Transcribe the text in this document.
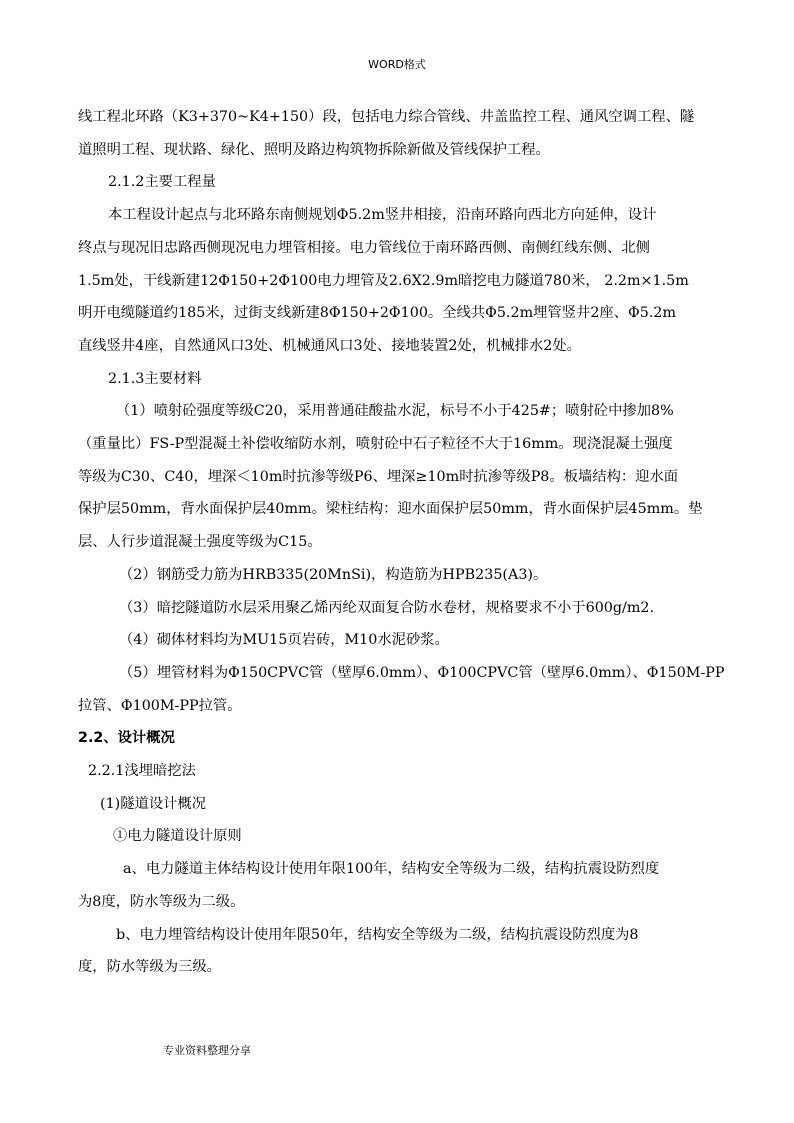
WORD格式

线工程北环路（K3+370~K4+150）段，包括电力综合管线、井盖监控工程、通风空调工程、隧

道照明工程、现状路、绿化、照明及路边构筑物拆除新做及管线保护工程。

2.1.2主要工程量

本工程设计起点与北环路东南侧规划Φ5.2m竖井相接，沿南环路向西北方向延伸，设计

终点与现况旧忠路西侧现况电力埋管相接。电力管线位于南环路西侧、南侧红线东侧、北侧

1.5m处，干线新建12Φ150+2Φ100电力埋管及2.6X2.9m暗挖电力隧道780米， 2.2m×1.5m

明开电缆隧道约185米，过街支线新建8Φ150+2Φ100。全线共Φ5.2m埋管竖井2座、Φ5.2m

直线竖井4座，自然通风口3处、机械通风口3处、接地装置2处，机械排水2处。

2.1.3主要材料

（1）喷射砼强度等级C20，采用普通硅酸盐水泥，标号不小于425#；喷射砼中掺加8%

（重量比）FS-P型混凝土补偿收缩防水剂，喷射砼中石子粒径不大于16mm。现浇混凝土强度

等级为C30、C40，埋深＜10m时抗渗等级P6、埋深≥10m时抗渗等级P8。板墙结构：迎水面

保护层50mm，背水面保护层40mm。梁柱结构：迎水面保护层50mm，背水面保护层45mm。垫

层、人行步道混凝土强度等级为C15。

（2）钢筋受力筋为HRB335(20MnSi)，构造筋为HPB235(A3)。

（3）暗挖隧道防水层采用聚乙烯丙纶双面复合防水卷材，规格要求不小于600g/m2.

（4）砌体材料均为MU15页岩砖，M10水泥砂浆。

（5）埋管材料为Φ150CPVC管（壁厚6.0mm）、Φ100CPVC管（壁厚6.0mm）、Φ150M-PP

拉管、Φ100M-PP拉管。

2.2、设计概况

2.2.1浅埋暗挖法

(1)隧道设计概况

①电力隧道设计原则

a、电力隧道主体结构设计使用年限100年，结构安全等级为二级，结构抗震设防烈度

为8度，防水等级为二级。

b、电力埋管结构设计使用年限50年，结构安全等级为二级，结构抗震设防烈度为8

度，防水等级为三级。

专业资料整理分享
